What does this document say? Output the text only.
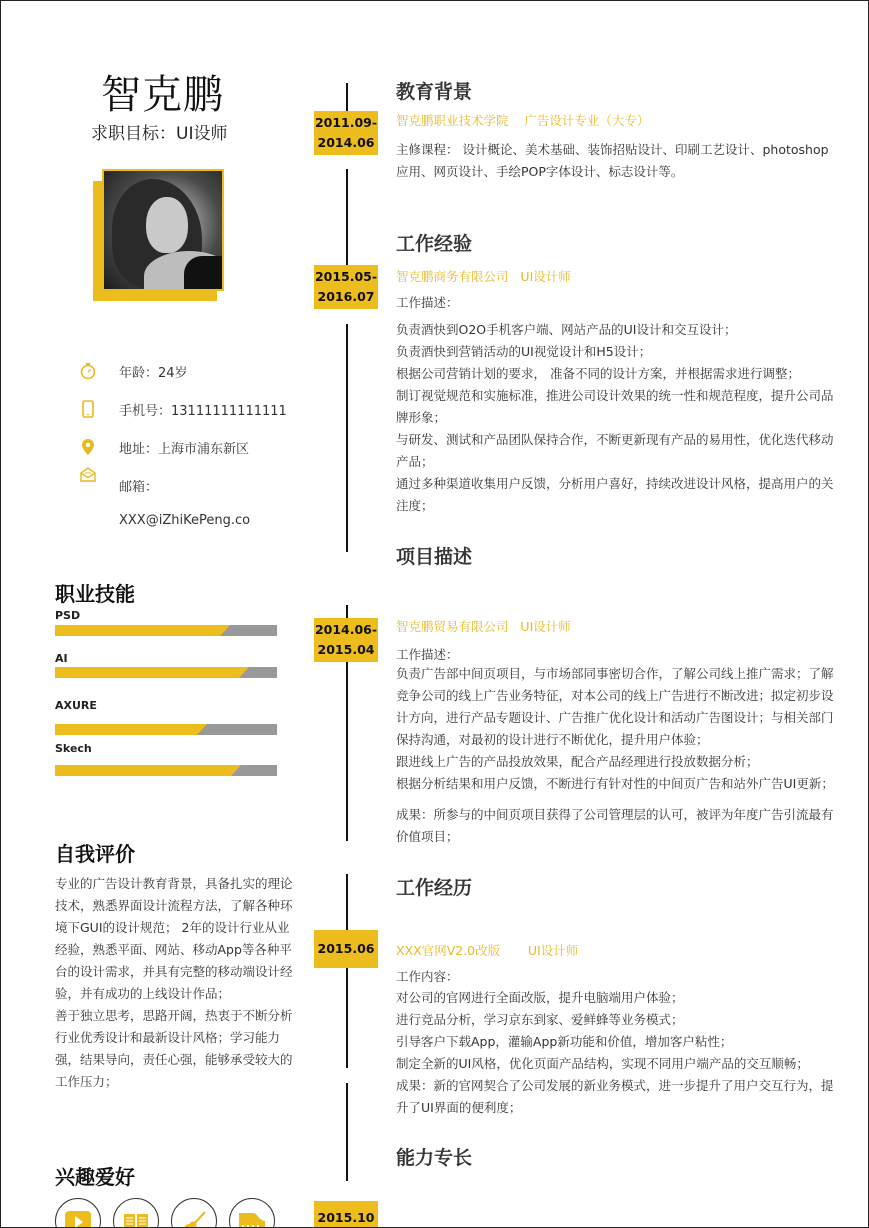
智克鹏
求职目标：UI设师
年龄：24岁
手机号：13111111111111
地址：上海市浦东新区
邮箱：
XXX@iZhiKePeng.co
职业技能
PSD
AI
AXURE
Skech
自我评价

专业的广告设计教育背景，具备扎实的理论技术，熟悉界面设计流程方法，了解各种环境下GUI的设计规范； 2年的设计行业从业经验，熟悉平面、网站、移动App等各种平台的设计需求，并具有完整的移动端设计经验，并有成功的上线设计作品；

善于独立思考，思路开阔，热衷于不断分析行业优秀设计和最新设计风格；学习能力强，结果导向，责任心强，能够承受较大的工作压力；

兴趣爱好
教育背景
2011.09-
2014.06
智克鹏职业技术学院    广告设计专业（大专）
主修课程： 设计概论、美术基础、装饰招贴设计、印刷工艺设计、photoshop应用、网页设计、手绘POP字体设计、标志设计等。
工作经验
2015.05-
2016.07
智克鹏商务有限公司   UI设计师
工作描述：

负责酒快到O2O手机客户端、网站产品的UI设计和交互设计；

负责酒快到营销活动的UI视觉设计和H5设计；

根据公司营销计划的要求， 准备不同的设计方案，并根据需求进行调整；

制订视觉规范和实施标准，推进公司设计效果的统一性和规范程度，提升公司品牌形象；

与研发、测试和产品团队保持合作，不断更新现有产品的易用性，优化迭代移动产品；

通过多种渠道收集用户反馈，分析用户喜好，持续改进设计风格，提高用户的关注度；

项目描述
2014.06-
2015.04
智克鹏贸易有限公司   UI设计师
工作描述：

负责广告部中间页项目，与市场部同事密切合作，了解公司线上推广需求；了解竞争公司的线上广告业务特征，对本公司的线上广告进行不断改进；拟定初步设计方向，进行产品专题设计、广告推广优化设计和活动广告图设计；与相关部门保持沟通，对最初的设计进行不断优化，提升用户体验；

跟进线上广告的产品投放效果，配合产品经理进行投放数据分析；

根据分析结果和用户反馈，不断进行有针对性的中间页广告和站外广告UI更新；

成果：所参与的中间页项目获得了公司管理层的认可，被评为年度广告引流最有价值项目；
工作经历
2015.06 XXX官网V2.0改版       UI设计师
工作内容：

对公司的官网进行全面改版，提升电脑端用户体验；

进行竞品分析，学习京东到家、爱鲜蜂等业务模式；

引导客户下载App，灌输App新功能和价值，增加客户粘性；

制定全新的UI风格，优化页面产品结构，实现不同用户端产品的交互顺畅；

成果：新的官网契合了公司发展的新业务模式，进一步提升了用户交互行为，提升了UI界面的便利度；

能力专长
2015.10
